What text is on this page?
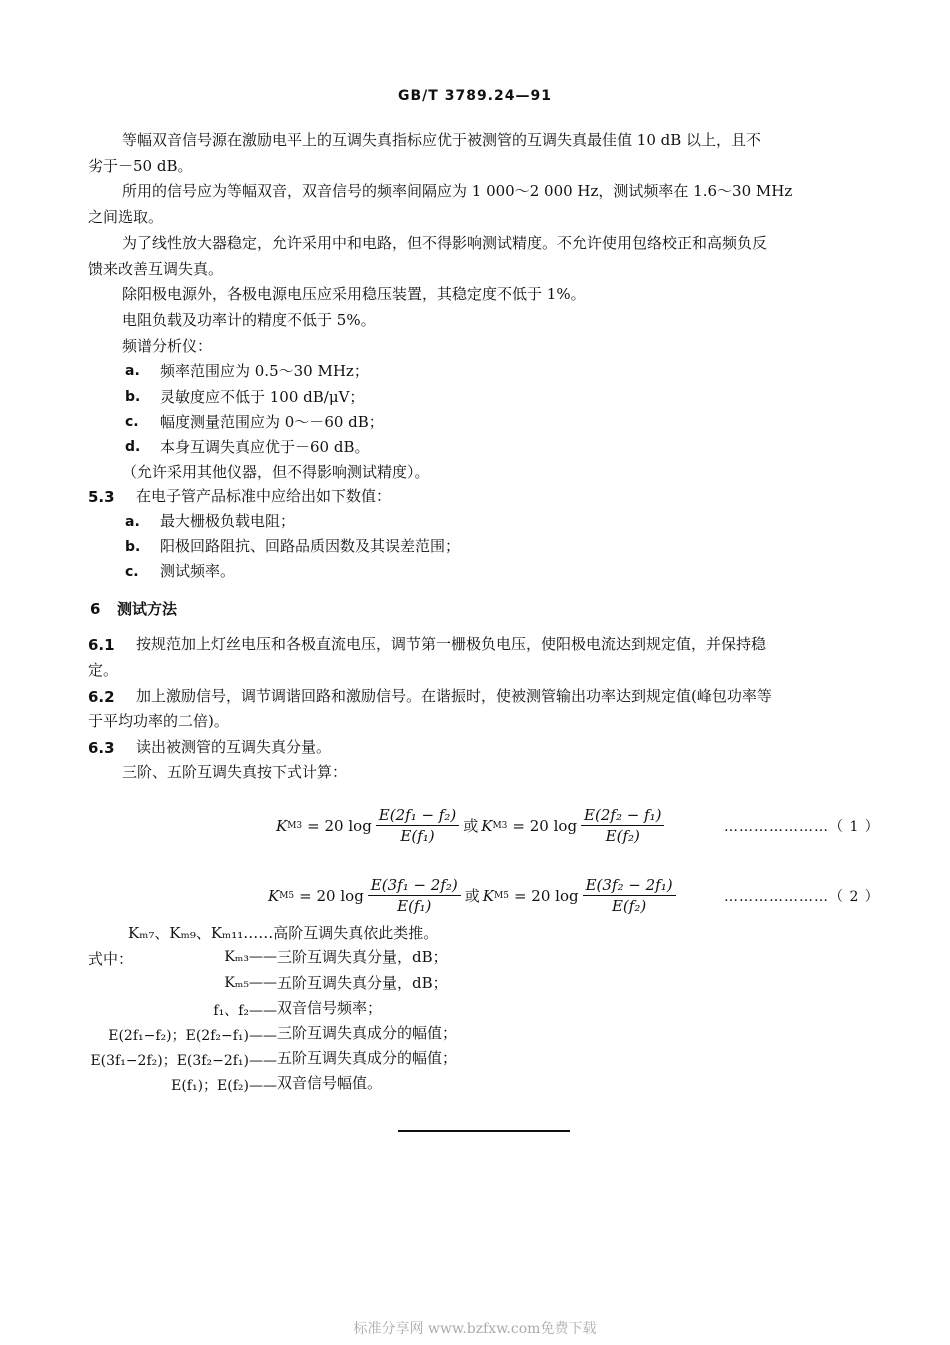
GB/T 3789.24—91
等幅双音信号源在激励电平上的互调失真指标应优于被测管的互调失真最佳值 10 dB 以上，且不
劣于－50 dB。
所用的信号应为等幅双音，双音信号的频率间隔应为 1 000～2 000 Hz，测试频率在 1.6～30 MHz
之间选取。
为了线性放大器稳定，允许采用中和电路，但不得影响测试精度。不允许使用包络校正和高频负反
馈来改善互调失真。
除阳极电源外，各极电源电压应采用稳压装置，其稳定度不低于 1%。
电阻负载及功率计的精度不低于 5%。
频谱分析仪：
a. 频率范围应为 0.5～30 MHz；
b. 灵敏度应不低于 100 dB/μV；
c. 幅度测量范围应为 0～－60 dB；
d. 本身互调失真应优于－60 dB。
（允许采用其他仪器，但不得影响测试精度）。
5.3 在电子管产品标准中应给出如下数值：
a. 最大栅极负载电阻；
b. 阳极回路阻抗、回路品质因数及其误差范围；
c. 测试频率。
6 测试方法
6.1 按规范加上灯丝电压和各极直流电压，调节第一栅极负电压，使阳极电流达到规定值，并保持稳
定。
6.2 加上激励信号，调节调谐回路和激励信号。在谐振时，使被测管输出功率达到规定值(峰包功率等
于平均功率的二倍)。
6.3 读出被测管的互调失真分量。
三阶、五阶互调失真按下式计算：
K M3 = 20 $\log \frac{\text{E(2f₁ − f₂)}}{\text{E(f₁)}}$ 或 K M3 = 20 $\log \frac{\text{E(2f₂ − f₁)}}{\text{E(f₂)}}$	…………………（ 1 ）
K M5 = 20 $\log \frac{\text{E(3f₁ − 2f₂)}}{\text{E(f₁)}}$ 或 K M5 = 20 $\log \frac{\text{E(3f₂ − 2f₁)}}{\text{E(f₂)}}$	…………………（ 2 ）
Kₘ₇、Kₘ₉、Kₘ₁₁……高阶互调失真依此类推。
式中：	Kₘ₃—— 三阶互调失真分量，dB；
Kₘ₅—— 五阶互调失真分量，dB；
f₁、f₂—— 双音信号频率；
E(2f₁−f₂)；E(2f₂−f₁)—— 三阶互调失真成分的幅值；
E(3f₁−2f₂)；E(3f₂−2f₁)—— 五阶互调失真成分的幅值；
E(f₁)；E(f₂)—— 双音信号幅值。
标准分享网 www.bzfxw.com免费下载
